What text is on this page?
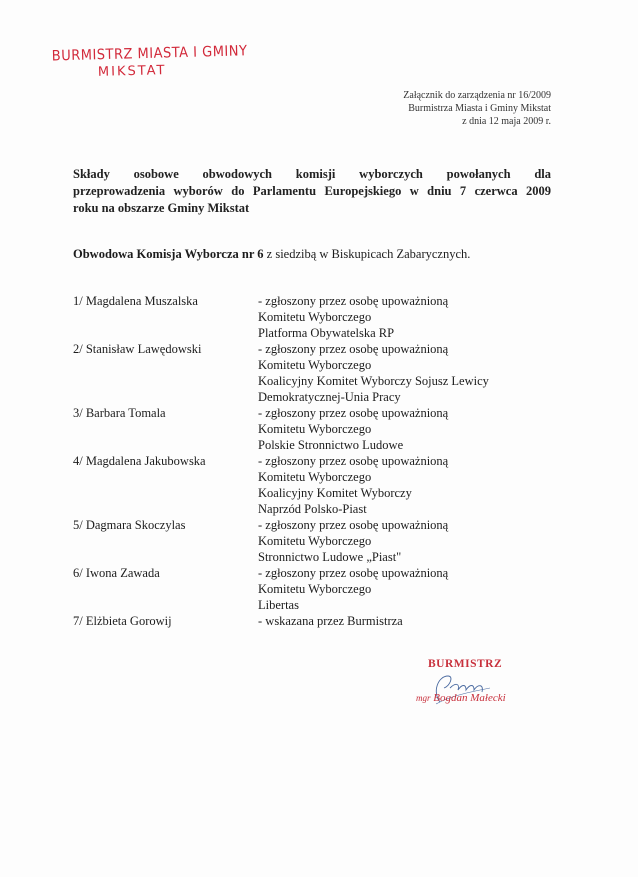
BURMISTRZ MIASTA I GMINY
MIKSTAT
Załącznik do zarządzenia nr 16/2009
Burmistrza Miasta i Gminy Mikstat
z dnia 12 maja 2009 r.
Składy osobowe obwodowych komisji wyborczych powołanych dla
przeprowadzenia wyborów do Parlamentu Europejskiego w dniu 7 czerwca 2009
roku na obszarze Gminy Mikstat
Obwodowa Komisja Wyborcza nr 6 z siedzibą w Biskupicach Zabarycznych.
1/ Magdalena Muszalska	- zgłoszony przez osobę upoważnioną
Komitetu Wyborczego
Platforma Obywatelska RP
2/ Stanisław Lawędowski	- zgłoszony przez osobę upoważnioną
Komitetu Wyborczego
Koalicyjny Komitet Wyborczy Sojusz Lewicy
Demokratycznej-Unia Pracy
3/ Barbara Tomala	- zgłoszony przez osobę upoważnioną
Komitetu Wyborczego
Polskie Stronnictwo Ludowe
4/ Magdalena Jakubowska	- zgłoszony przez osobę upoważnioną
Komitetu Wyborczego
Koalicyjny Komitet Wyborczy
Naprzód Polsko-Piast
5/ Dagmara Skoczylas	- zgłoszony przez osobę upoważnioną
Komitetu Wyborczego
Stronnictwo Ludowe „Piast"
6/ Iwona Zawada	- zgłoszony przez osobę upoważnioną
Komitetu Wyborczego
Libertas
7/ Elżbieta Gorowij	- wskazana przez Burmistrza
BURMISTRZ
mgr Bogdan Małecki
